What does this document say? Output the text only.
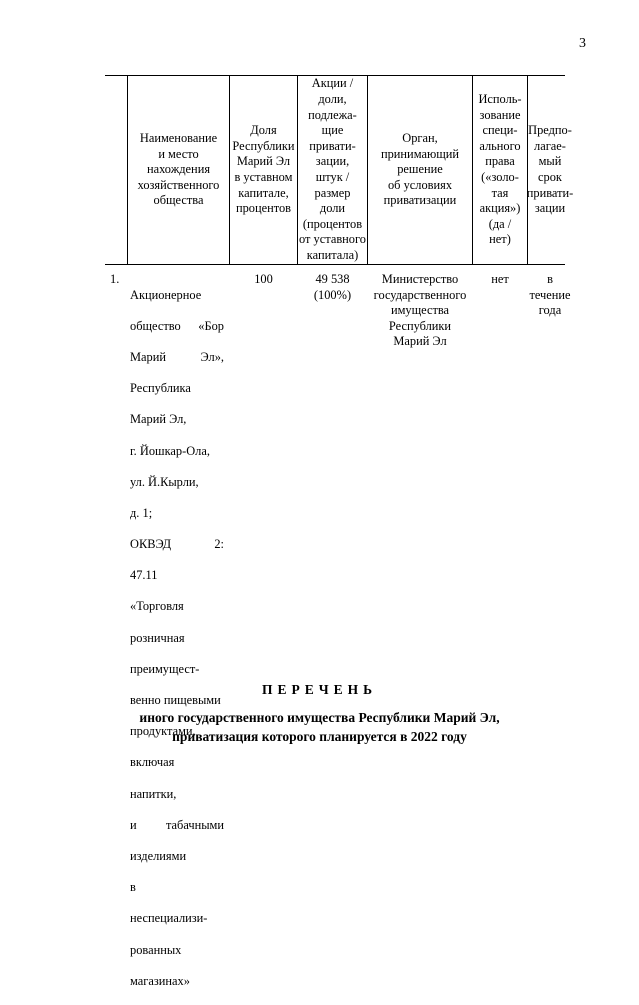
3
Наименование
и место
нахождения
хозяйственного
общества
Доля
Республики
Марий Эл
в уставном
капитале,
процентов
Акции /
доли,
подлежа-
щие
привати-
зации,
штук /
размер
доли
(процентов
от уставного
капитала)
Орган,
принимающий
решение
об условиях
приватизации
Исполь-
зование
специ-
ального
права
(«золо-
тая
акция»)
(да /
нет)
Предпо-
лагае-
мый
срок
привати-
зации
1.

Акционерное

общество «Бор

Марий Эл»,

Республика

Марий Эл,

г. Йошкар-Ола,

ул. Й.Кырли,

д. 1;

ОКВЭД 2:

47.11

«Торговля

розничная

преимущест-

венно пищевыми

продуктами,

включая

напитки,

и табачными

изделиями

в

неспециализи-

рованных

магазинах»

100	49 538
(100%)
Министерство
государственного
имущества
Республики
Марий Эл
нет	в
течение
года
ПЕРЕЧЕНЬ
иного государственного имущества Республики Марий Эл,
приватизация которого планируется в 2022 году
